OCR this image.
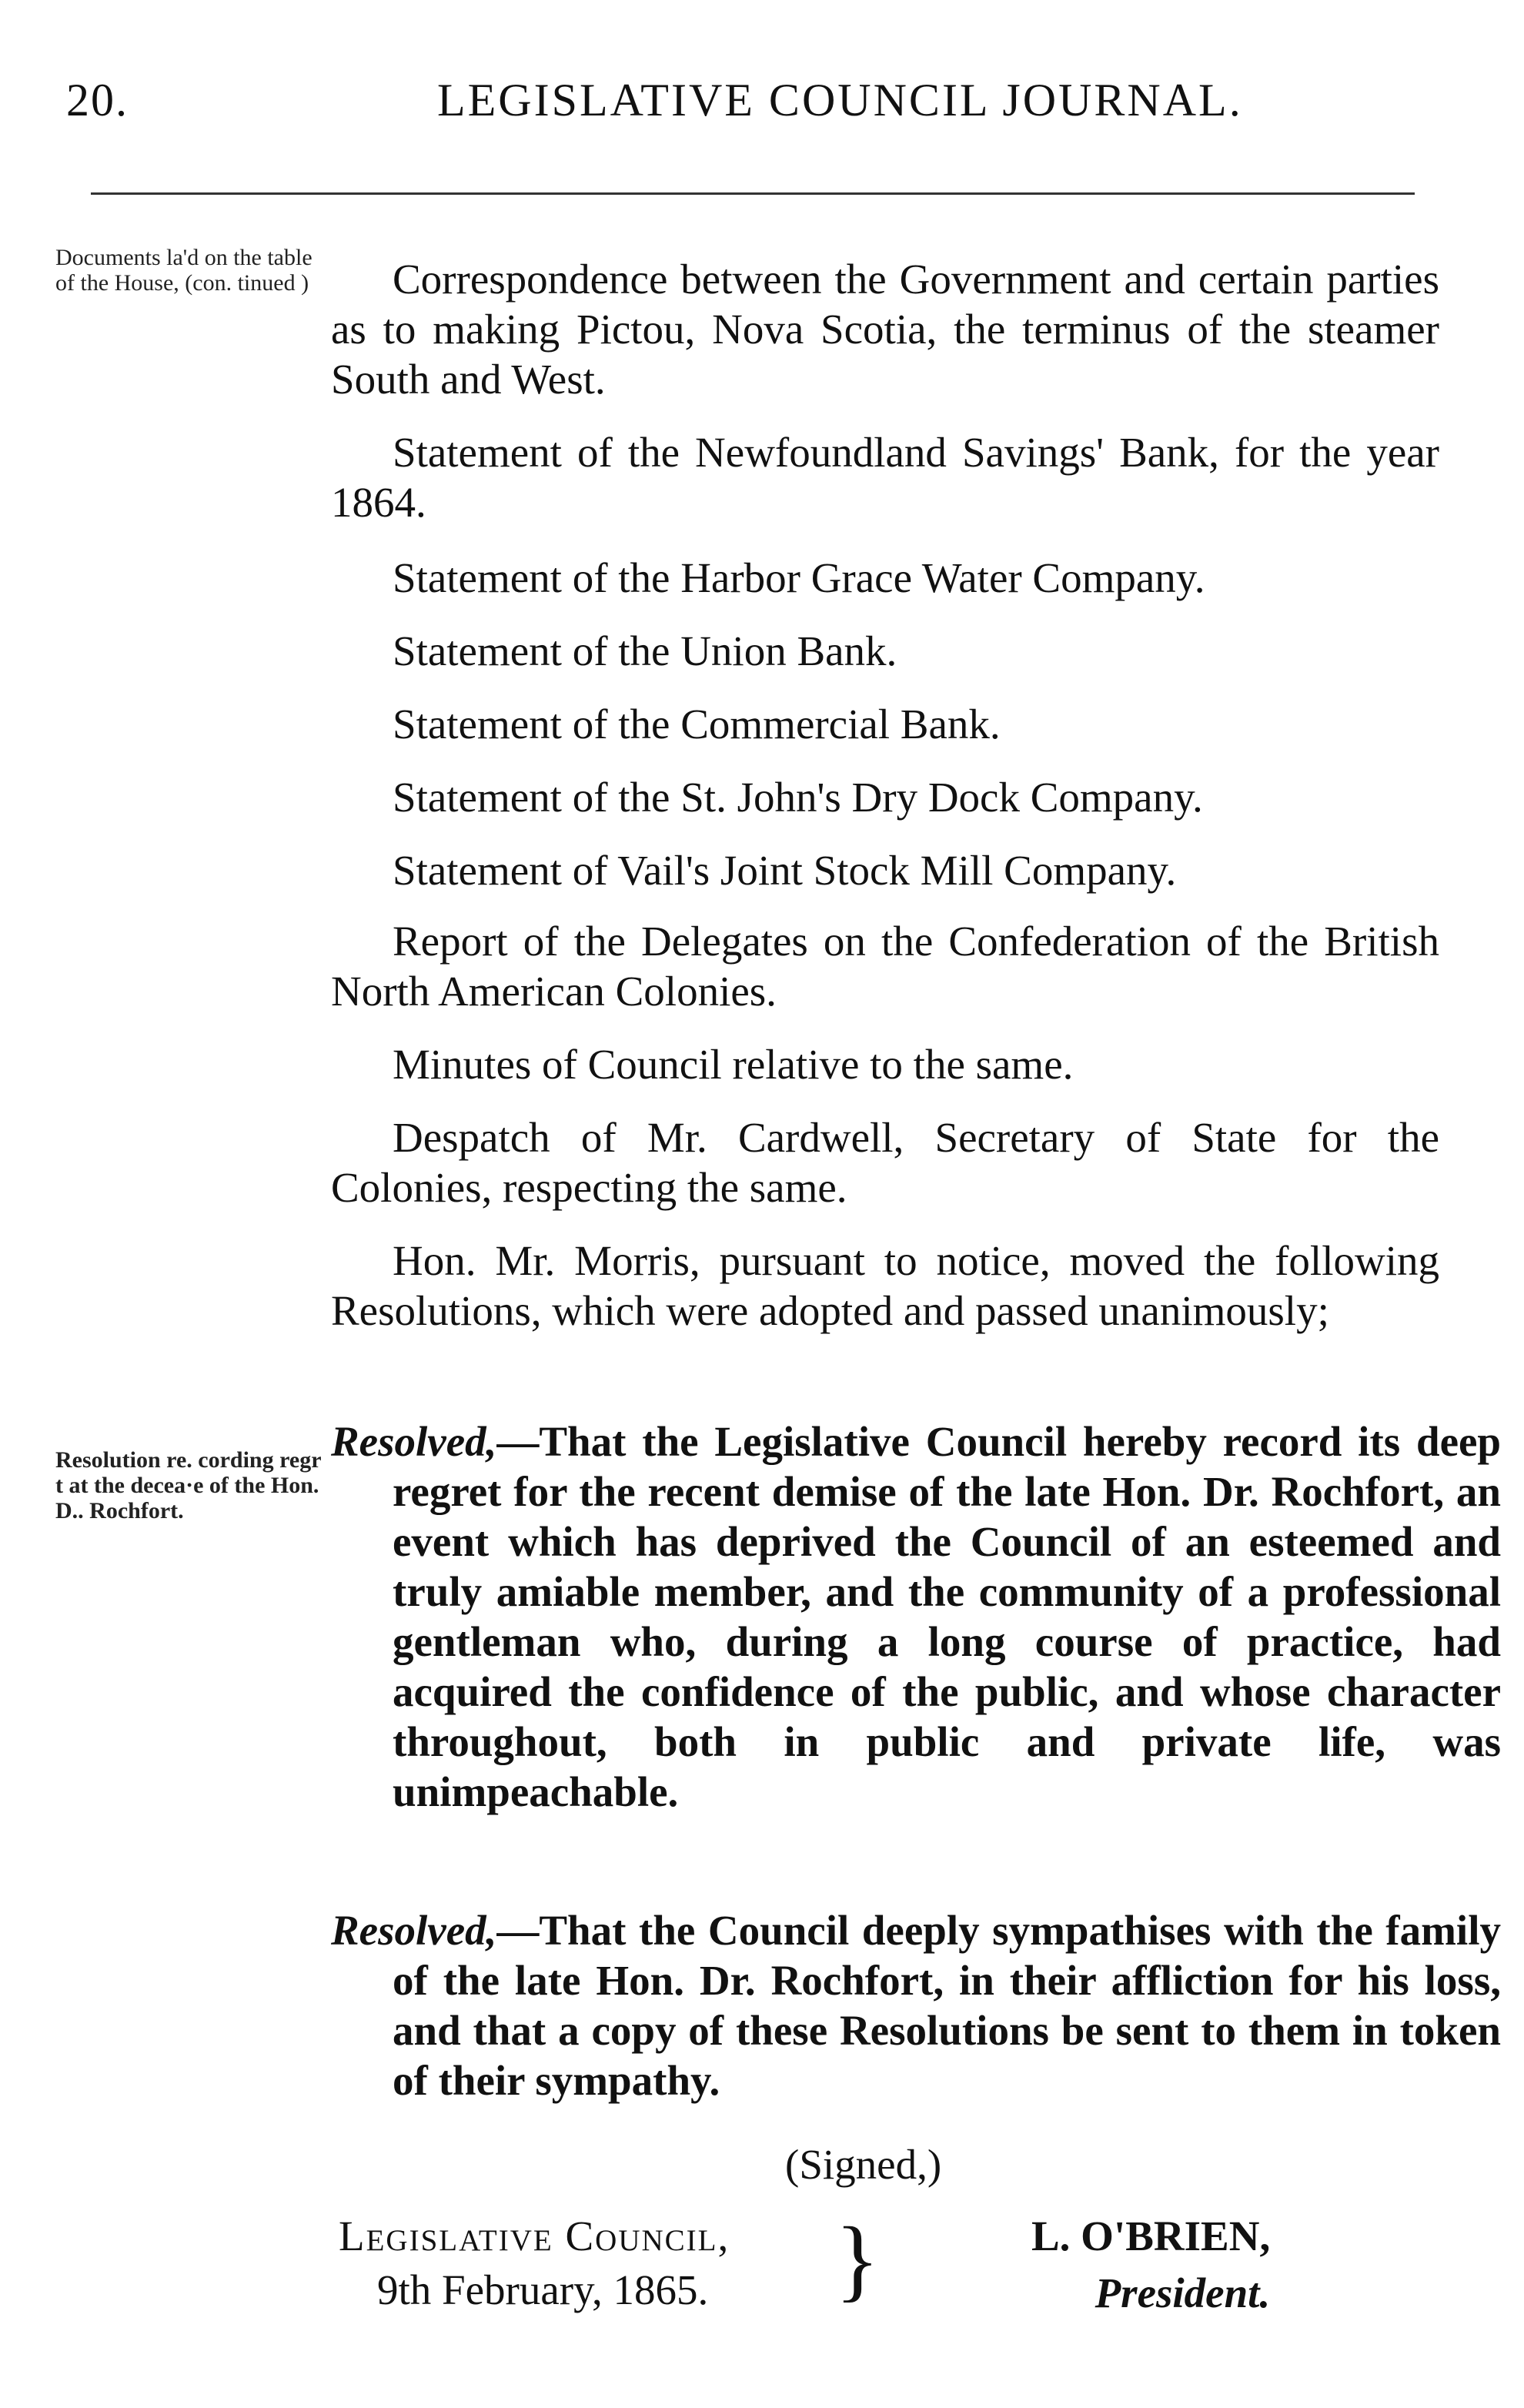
20.	LEGISLATIVE COUNCIL JOURNAL.
Documents la'd on the table of the House, (con. tinued )	Correspondence between the Government and certain parties as to making Pictou, Nova Scotia, the terminus of the steamer South and West.
Statement of the Newfoundland Savings' Bank, for the year 1864.
Statement of the Harbor Grace Water Company.
Statement of the Union Bank.
Statement of the Commercial Bank.
Statement of the St. John's Dry Dock Company.
Statement of Vail's Joint Stock Mill Company.
Report of the Delegates on the Confederation of the British North American Colonies.
Minutes of Council relative to the same.
Despatch of Mr. Cardwell, Secretary of State for the Colonies, respecting the same.
Hon. Mr. Morris, pursuant to notice, moved the following Resolutions, which were adopted and passed unanimously;
Resolution re. cording regr t at the decea·e of the Hon. D.. Rochfort.
Resolved,—That the Legislative Council hereby record its deep regret for the recent demise of the late Hon. Dr. Rochfort, an event which has deprived the Council of an esteemed and truly amiable member, and the community of a professional gentleman who, during a long course of practice, had acquired the confidence of the public, and whose character throughout, both in public and private life, was unimpeachable.
Resolved,—That the Council deeply sympathises with the family of the late Hon. Dr. Rochfort, in their affliction for his loss, and that a copy of these Resolutions be sent to them in token of their sympathy.
(Signed,)
Legislative Council,
9th February, 1865. }	L. O'BRIEN,
President.
